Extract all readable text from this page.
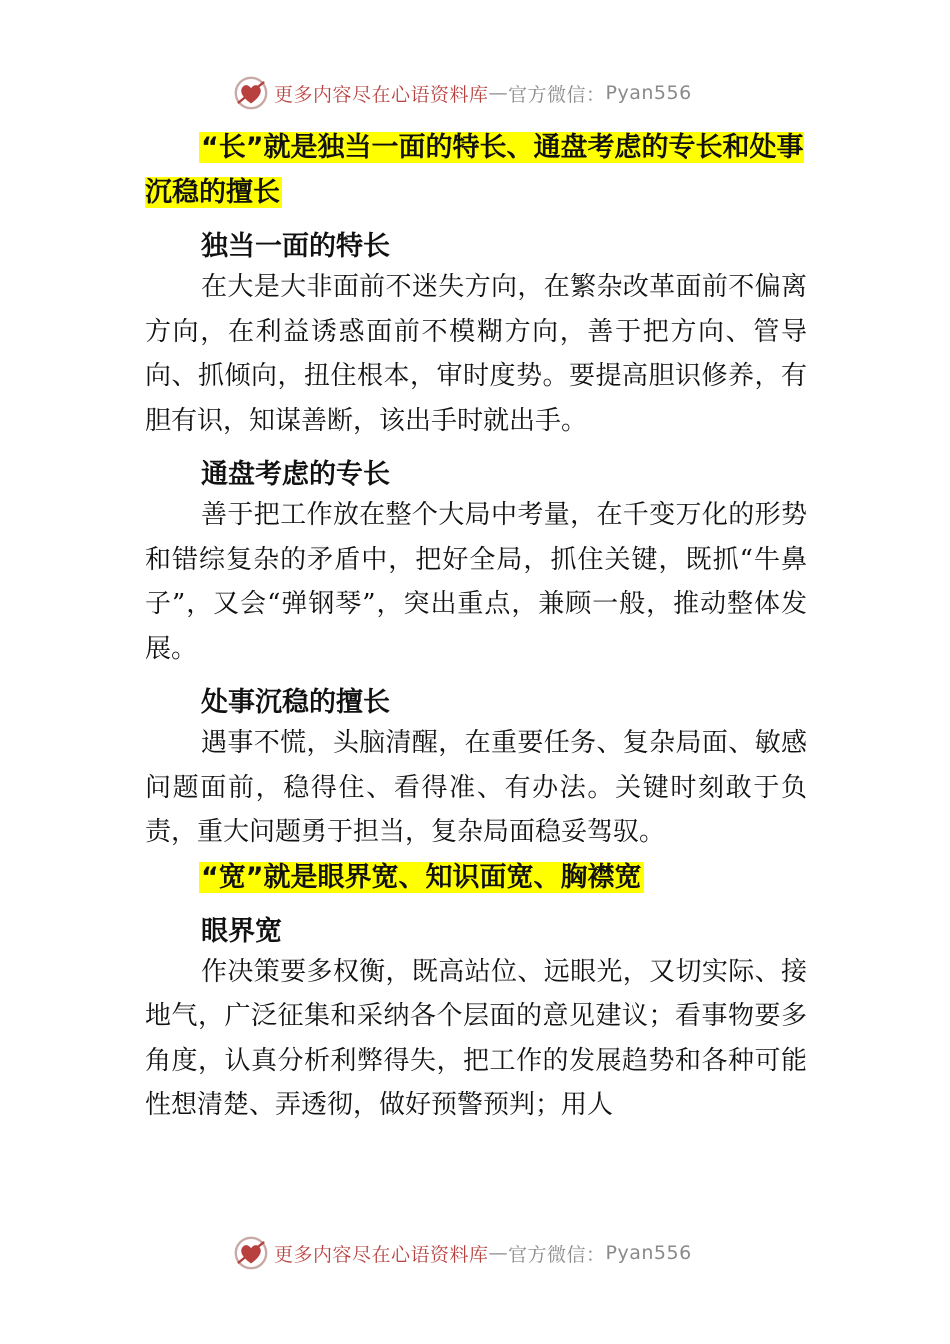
更多内容尽在心语资料库 — 官方微信： Pyan556

“长”就是独当一面的特长、通盘考虑的专长和处事沉稳的擅长

独当一面的特长

在大是大非面前不迷失方向，在繁杂改革面前不偏离方向，在利益诱惑面前不模糊方向，善于把方向、管导向、抓倾向，扭住根本，审时度势。要提高胆识修养，有胆有识，知谋善断，该出手时就出手。

通盘考虑的专长

善于把工作放在整个大局中考量，在千变万化的形势和错综复杂的矛盾中，把好全局，抓住关键，既抓“牛鼻子”，又会“弹钢琴”，突出重点，兼顾一般，推动整体发展。

处事沉稳的擅长

遇事不慌，头脑清醒，在重要任务、复杂局面、敏感问题面前，稳得住、看得准、有办法。关键时刻敢于负责，重大问题勇于担当，复杂局面稳妥驾驭。

“宽”就是眼界宽、知识面宽、胸襟宽

眼界宽

作决策要多权衡，既高站位、远眼光，又切实际、接地气，广泛征集和采纳各个层面的意见建议；看事物要多角度，认真分析利弊得失，把工作的发展趋势和各种可能性想清楚、弄透彻，做好预警预判；用人

更多内容尽在心语资料库 — 官方微信： Pyan556
